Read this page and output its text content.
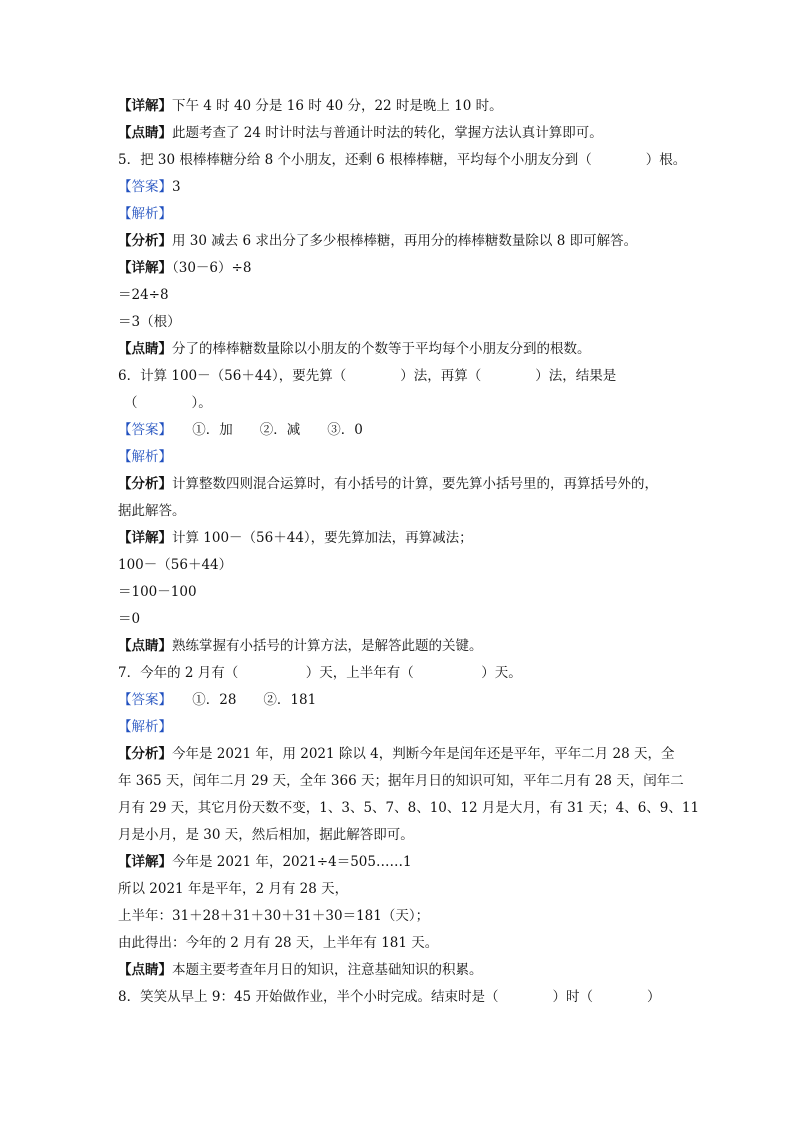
【详解】下午 4 时 40 分是 16 时 40 分，22 时是晚上 10 时。
【点睛】此题考查了 24 时计时法与普通计时法的转化，掌握方法认真计算即可。
5．把 30 根棒棒糖分给 8 个小朋友，还剩 6 根棒棒糖，平均每个小朋友分到（　　　　）根。
【答案】3
【解析】
【分析】用 30 减去 6 求出分了多少根棒棒糖，再用分的棒棒糖数量除以 8 即可解答。
【详解】（30－6）÷8
＝24÷8
＝3（根）
【点睛】分了的棒棒糖数量除以小朋友的个数等于平均每个小朋友分到的根数。
6．计算 100－（56＋44），要先算（　　　　）法，再算（　　　　）法，结果是
（　　　　）。
【答案】　　①．加　　②．减　　③．0
【解析】
【分析】计算整数四则混合运算时，有小括号的计算，要先算小括号里的，再算括号外的，
据此解答。
【详解】计算 100－（56＋44），要先算加法，再算减法；
100－（56＋44）
＝100－100
＝0
【点睛】熟练掌握有小括号的计算方法，是解答此题的关键。
7．今年的 2 月有（　　　　　）天，上半年有（　　　　　）天。
【答案】　　①．28　　②．181
【解析】
【分析】今年是 2021 年，用 2021 除以 4，判断今年是闰年还是平年，平年二月 28 天，全
年 365 天，闰年二月 29 天，全年 366 天；据年月日的知识可知，平年二月有 28 天，闰年二
月有 29 天，其它月份天数不变，1、3、5、7、8、10、12 月是大月，有 31 天；4、6、9、11
月是小月，是 30 天，然后相加，据此解答即可。
【详解】今年是 2021 年，2021÷4＝505……1
所以 2021 年是平年，2 月有 28 天，
上半年：31＋28＋31＋30＋31＋30＝181（天）；
由此得出：今年的 2 月有 28 天，上半年有 181 天。
【点睛】本题主要考查年月日的知识，注意基础知识的积累。
8．笑笑从早上 9：45 开始做作业，半个小时完成。结束时是（　　　　）时（　　　　）
